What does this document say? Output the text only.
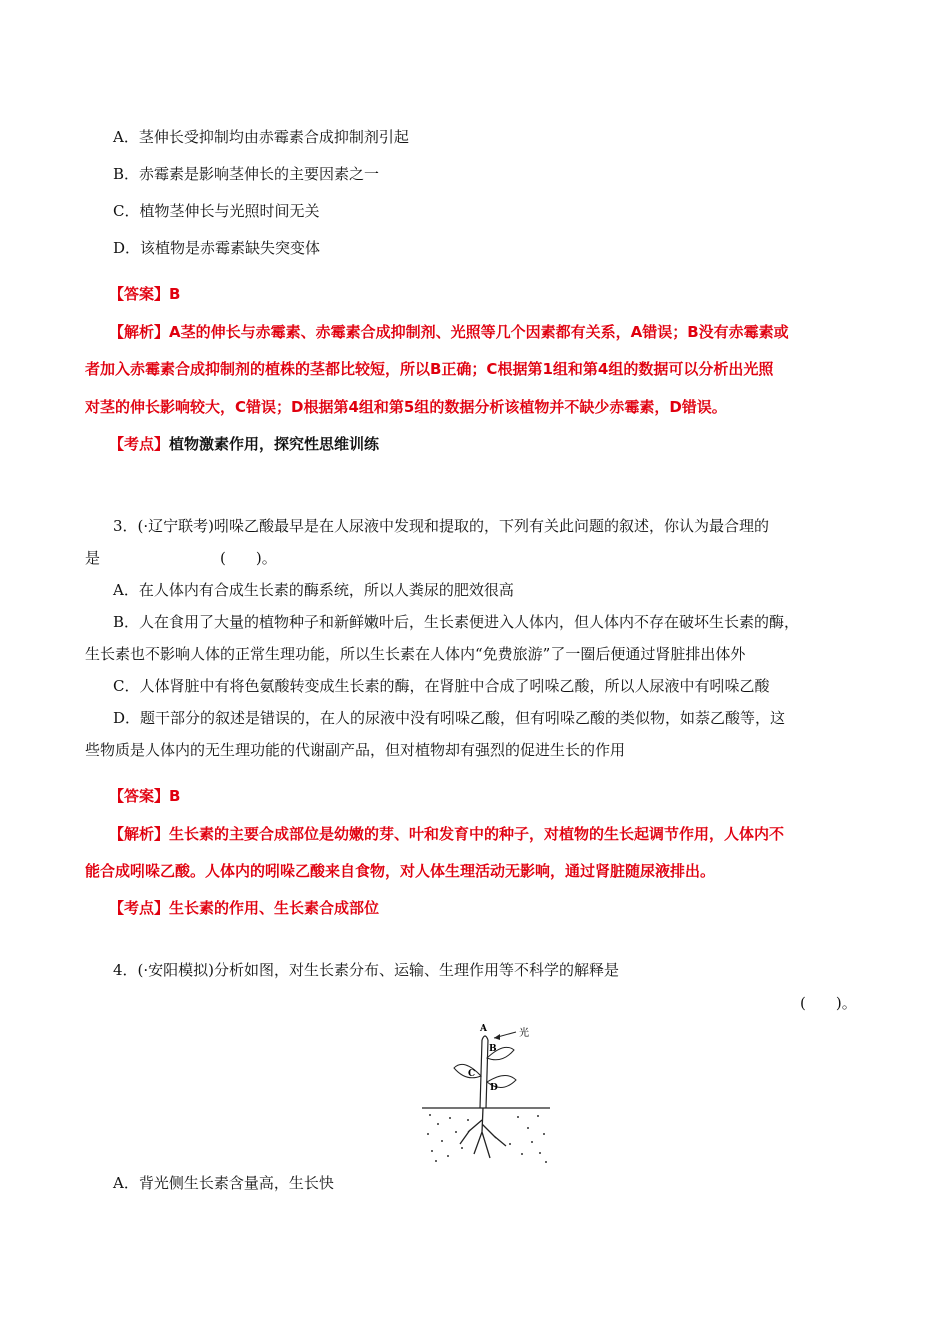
A．茎伸长受抑制均由赤霉素合成抑制剂引起
B．赤霉素是影响茎伸长的主要因素之一
C．植物茎伸长与光照时间无关
D．该植物是赤霉素缺失突变体
【答案】B
【解析】A茎的伸长与赤霉素、赤霉素合成抑制剂、光照等几个因素都有关系，A错误；B没有赤霉素或
者加入赤霉素合成抑制剂的植株的茎都比较短，所以B正确；C根据第1组和第4组的数据可以分析出光照
对茎的伸长影响较大，C错误；D根据第4组和第5组的数据分析该植物并不缺少赤霉素，D错误。
【考点】植物激素作用，探究性思维训练
3．(·辽宁联考)吲哚乙酸最早是在人尿液中发现和提取的，下列有关此问题的叙述，你认为最合理的
是　　　　　　　　(　　)。
A．在人体内有合成生长素的酶系统，所以人粪尿的肥效很高
B．人在食用了大量的植物种子和新鲜嫩叶后，生长素便进入人体内，但人体内不存在破坏生长素的酶，
生长素也不影响人体的正常生理功能，所以生长素在人体内“免费旅游”了一圈后便通过肾脏排出体外
C．人体肾脏中有将色氨酸转变成生长素的酶，在肾脏中合成了吲哚乙酸，所以人尿液中有吲哚乙酸
D．题干部分的叙述是错误的，在人的尿液中没有吲哚乙酸，但有吲哚乙酸的类似物，如萘乙酸等，这
些物质是人体内的无生理功能的代谢副产品，但对植物却有强烈的促进生长的作用
【答案】B
【解析】生长素的主要合成部位是幼嫩的芽、叶和发育中的种子，对植物的生长起调节作用，人体内不
能合成吲哚乙酸。人体内的吲哚乙酸来自食物，对人体生理活动无影响，通过肾脏随尿液排出。
【考点】生长素的作用、生长素合成部位
4．(·安阳模拟)分析如图，对生长素分布、运输、生理作用等不科学的解释是
(　　)。
A
B
C
D
光
A．背光侧生长素含量高，生长快
